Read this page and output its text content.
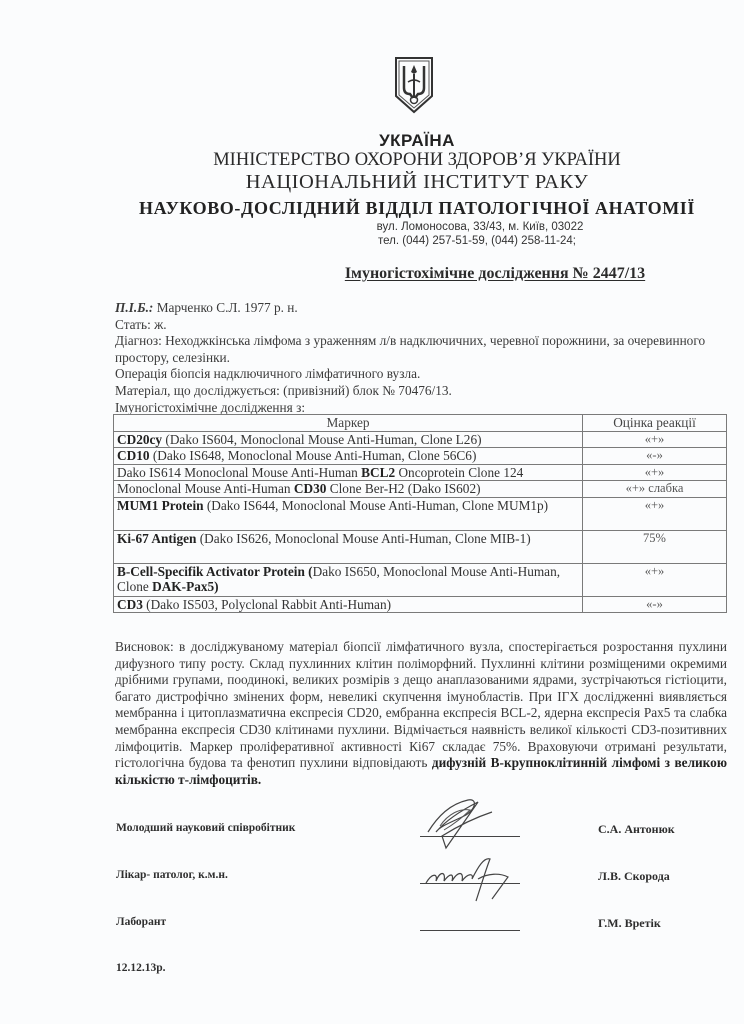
УКРАЇНА
МІНІСТЕРСТВО ОХОРОНИ ЗДОРОВ’Я УКРАЇНИ
НАЦІОНАЛЬНИЙ ІНСТИТУТ РАКУ
НАУКОВО-ДОСЛІДНИЙ ВІДДІЛ ПАТОЛОГІЧНОЇ АНАТОМІЇ
вул. Ломоносова, 33/43, м. Київ, 03022
тел. (044) 257-51-59, (044) 258-11-24;
Імуногістохімічне дослідження № 2447/13
П.І.Б.: Марченко С.Л. 1977 р. н.
Стать: ж.
Діагноз: Неходжкінська лімфома з ураженням л/в надключичних, черевної порожнини, за очеревинного простору, селезінки.
Операція біопсія надключичного лімфатичного вузла.
Матеріал, що досліджується: (привізний) блок № 70476/13.
Імуногістохімічне дослідження з:
Маркер	Оцінка реакції
CD20cy (Dako IS604, Monoclonal Mouse Anti-Human, Clone L26)	«+»
CD10 (Dako IS648, Monoclonal Mouse Anti-Human, Clone 56C6)	«-»
Dako IS614 Monoclonal Mouse Anti-Human BCL2 Oncoprotein Clone 124	«+»
Monoclonal Mouse Anti-Human CD30 Clone Ber-H2 (Dako IS602)	«+» слабка
MUM1 Protein (Dako IS644, Monoclonal Mouse Anti-Human, Clone MUM1p)	«+»
Ki-67 Antigen (Dako IS626, Monoclonal Mouse Anti-Human, Clone MIB-1)	75%
B-Cell-Specifik Activator Protein (Dako IS650, Monoclonal Mouse Anti-Human, Clone DAK-Pax5)	«+»
CD3 (Dako IS503, Polyclonal Rabbit Anti-Human)	«-»
Висновок: в досліджуваному матеріал біопсії лімфатичного вузла, спостерігається розростання пухлини дифузного типу росту. Склад пухлинних клітин поліморфний. Пухлинні клітини розміщеними окремими дрібними групами, поодинокі, великих розмірів з дещо анаплазованими ядрами, зустрічаються гістіоцити, багато дистрофічно змінених форм, невеликі скупчення імунобластів. При ІГХ дослідженні виявляється мембранна і цитоплазматична експресія CD20, ембранна експресія BCL-2, ядерна експресія Pax5 та слабка мембранна експресія CD30 клітинами пухлини. Відмічається наявність великої кількості CD3-позитивних лімфоцитів. Маркер проліферативної активності Кі67 складає 75%. Враховуючи отримані результати, гістологічна будова та фенотип пухлини відповідають дифузній В-крупноклітинній лімфомі з великою кількістю т-лімфоцитів.
Молодший науковий співробітник	С.А. Антонюк
Лікар- патолог, к.м.н.	Л.В. Скорода
Лаборант	Г.М. Вретік
12.12.13р.
